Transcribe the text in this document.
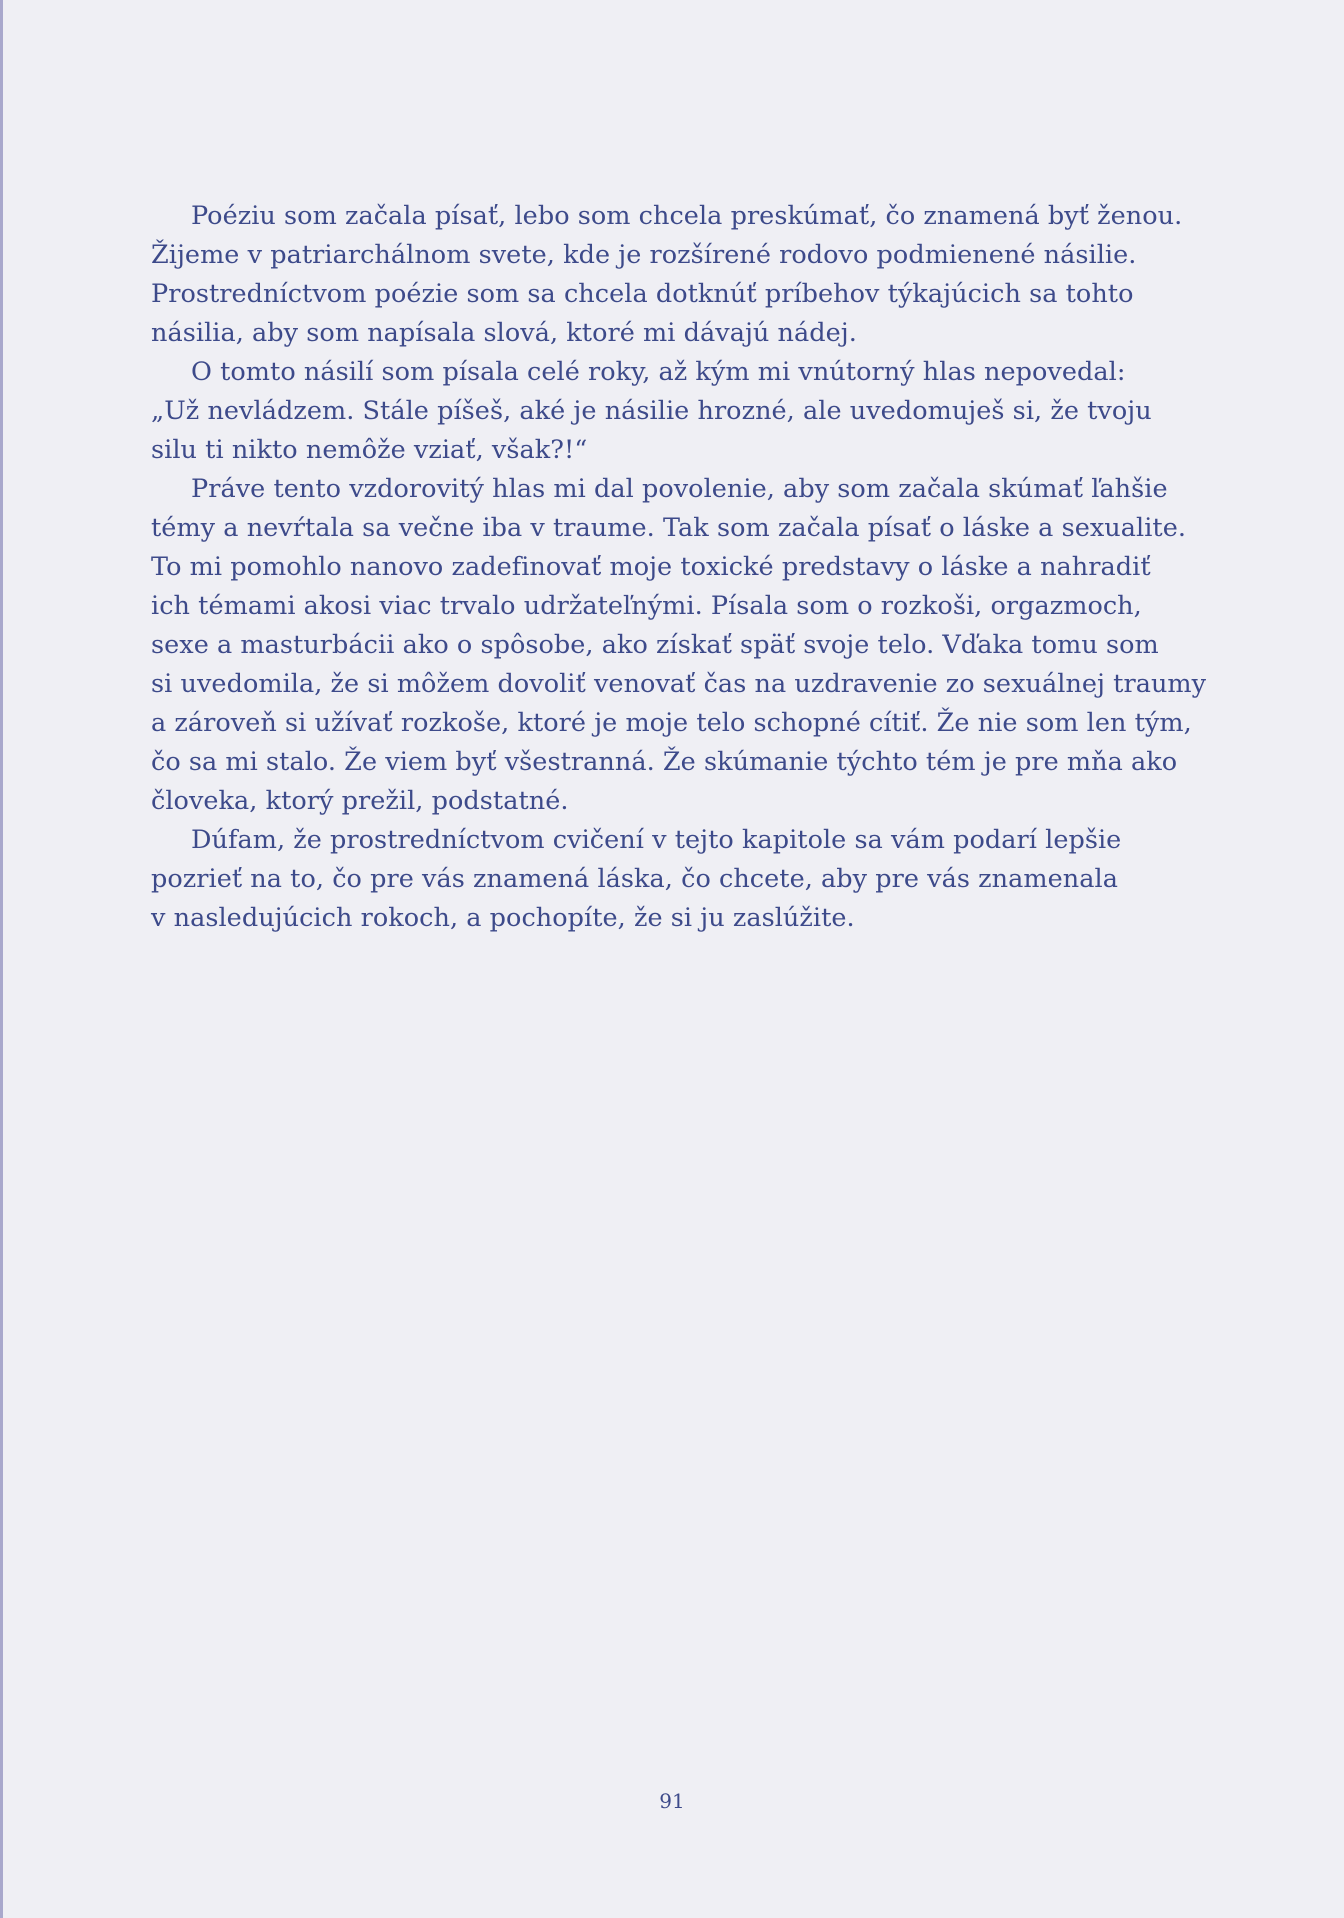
Poéziu som začala písať, lebo som chcela preskúmať, čo znamená byť ženou.
Žijeme v patriarchálnom svete, kde je rozšírené rodovo podmienené násilie.
Prostredníctvom poézie som sa chcela dotknúť príbehov týkajúcich sa tohto
násilia, aby som napísala slová, ktoré mi dávajú nádej.
O tomto násilí som písala celé roky, až kým mi vnútorný hlas nepovedal:
„Už nevládzem. Stále píšeš, aké je násilie hrozné, ale uvedomuješ si, že tvoju
silu ti nikto nemôže vziať, však?!“
Práve tento vzdorovitý hlas mi dal povolenie, aby som začala skúmať ľahšie
témy a nevŕtala sa večne iba v traume. Tak som začala písať o láske a sexualite.
To mi pomohlo nanovo zadefinovať moje toxické predstavy o láske a nahradiť
ich témami akosi viac trvalo udržateľnými. Písala som o rozkoši, orgazmoch,
sexe a masturbácii ako o spôsobe, ako získať späť svoje telo. Vďaka tomu som
si uvedomila, že si môžem dovoliť venovať čas na uzdravenie zo sexuálnej traumy
a zároveň si užívať rozkoše, ktoré je moje telo schopné cítiť. Že nie som len tým,
čo sa mi stalo. Že viem byť všestranná. Že skúmanie týchto tém je pre mňa ako
človeka, ktorý prežil, podstatné.
Dúfam, že prostredníctvom cvičení v tejto kapitole sa vám podarí lepšie
pozrieť na to, čo pre vás znamená láska, čo chcete, aby pre vás znamenala
v nasledujúcich rokoch, a pochopíte, že si ju zaslúžite.
91
